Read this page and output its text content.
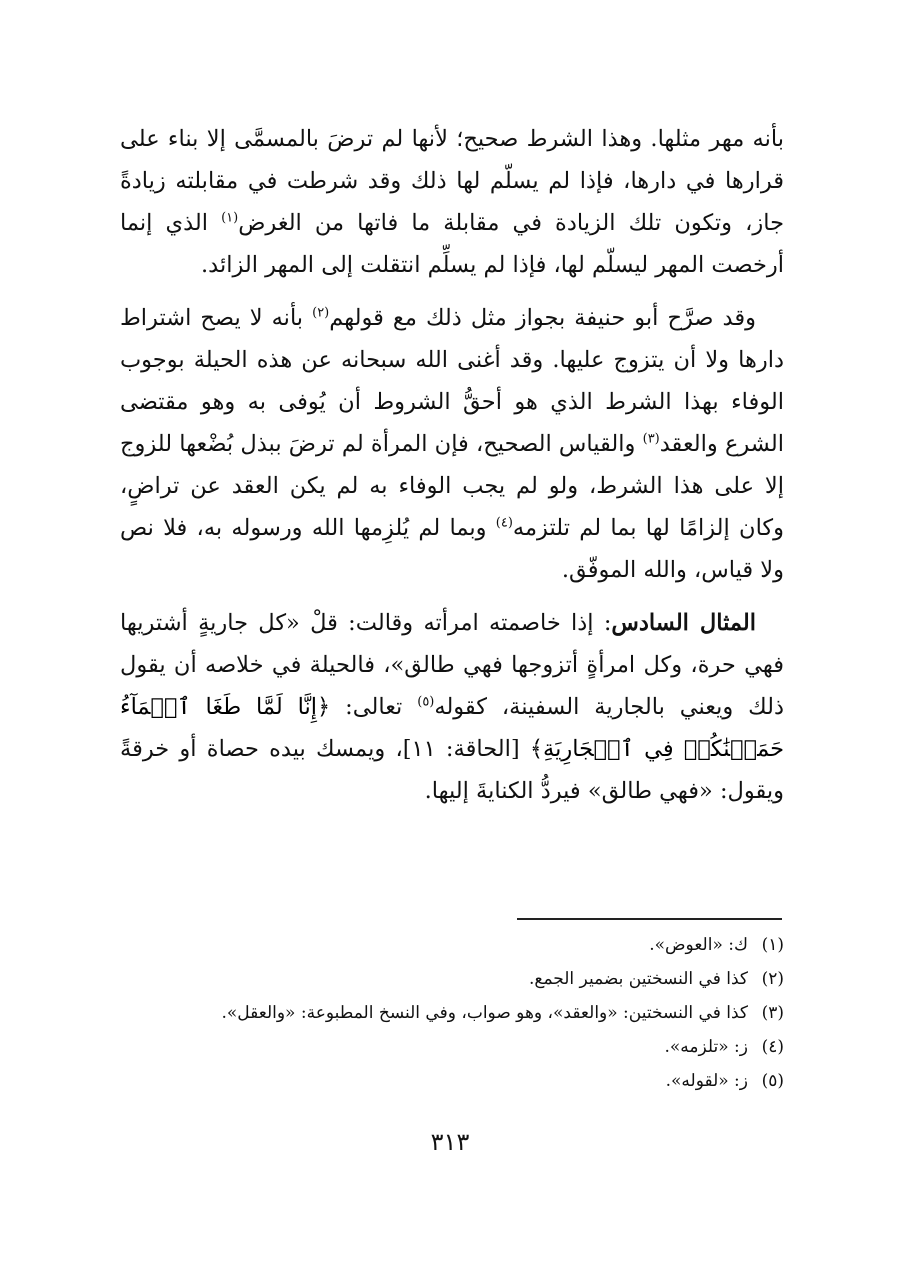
بأنه مهر مثلها. وهذا الشرط صحيح؛ لأنها لم ترضَ بالمسمَّى إلا بناء على قرارها في دارها، فإذا لم يسلّم لها ذلك وقد شرطت في مقابلته زيادةً جاز، وتكون تلك الزيادة في مقابلة ما فاتها من الغرض$^{(١)}$ الذي إنما أرخصت المهر ليسلّم لها، فإذا لم يسلِّم انتقلت إلى المهر الزائد.

وقد صرَّح أبو حنيفة بجواز مثل ذلك مع قولهم$^{(٢)}$ بأنه لا يصح اشتراط دارها ولا أن يتزوج عليها. وقد أغنى الله سبحانه عن هذه الحيلة بوجوب الوفاء بهذا الشرط الذي هو أحقُّ الشروط أن يُوفى به وهو مقتضى الشرع والعقد$^{(٣)}$ والقياس الصحيح، فإن المرأة لم ترضَ ببذل بُضْعها للزوج إلا على هذا الشرط، ولو لم يجب الوفاء به لم يكن العقد عن تراضٍ، وكان إلزامًا لها بما لم تلتزمه$^{(٤)}$ وبما لم يُلزِمها الله ورسوله به، فلا نص ولا قياس، والله الموفّق.

المثال السادس: إذا خاصمته امرأته وقالت: قلْ «كل جاريةٍ أشتريها فهي حرة، وكل امرأةٍ أتزوجها فهي طالق»، فالحيلة في خلاصه أن يقول ذلك ويعني بالجارية السفينة، كقوله$^{(٥)}$ تعالى: ﴿إِنَّا لَمَّا طَغَا ٱلۡمَآءُ حَمَلۡنَٰكُمۡ فِي ٱلۡجَارِيَةِ﴾ [الحاقة: ١١]، ويمسك بيده حصاة أو خرقةً ويقول: «فهي طالق» فيردُّ الكنايةَ إليها.

(١)ك: «العوض».
(٢)كذا في النسختين بضمير الجمع.
(٣)كذا في النسختين: «والعقد»، وهو صواب، وفي النسخ المطبوعة: «والعقل».
(٤)ز: «تلزمه».
(٥)ز: «لقوله».
٣١٣
